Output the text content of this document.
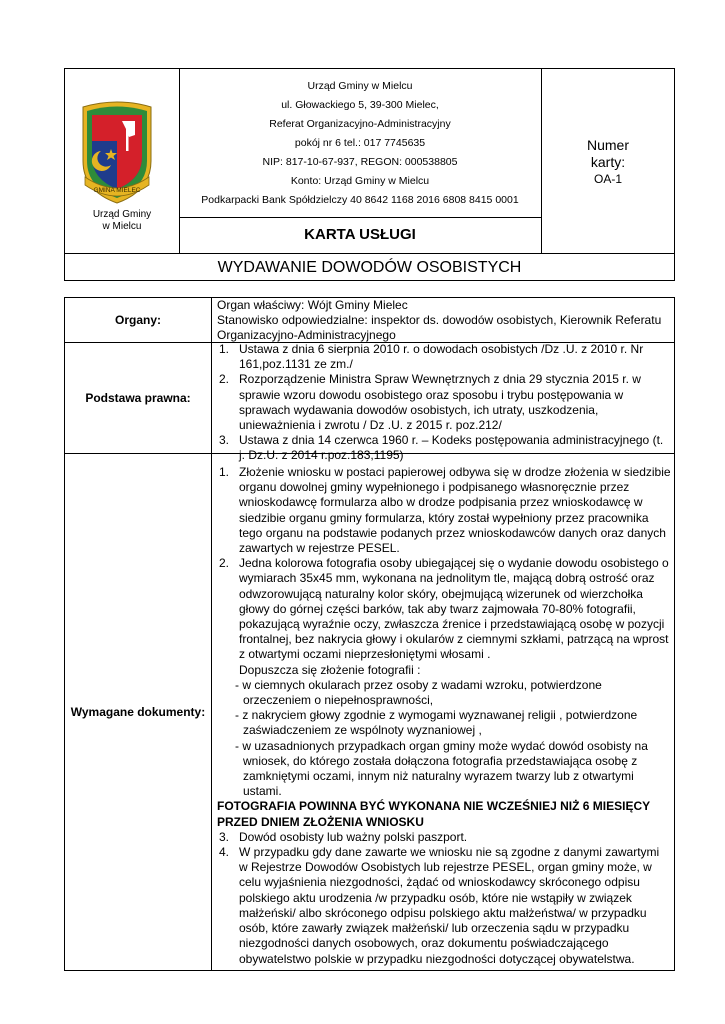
GMINA MIELEC
Urząd Gminy
w Mielcu
Urząd Gminy w Mielcu
ul. Głowackiego 5, 39-300 Mielec,
Referat Organizacyjno-Administracyjny
pokój nr 6 tel.: 017 7745635
NIP: 817-10-67-937, REGON: 000538805
Konto: Urząd Gminy w Mielcu
Podkarpacki Bank Spółdzielczy 40 8642 1168 2016 6808 8415 0001
KARTA USŁUGI
Numer
karty:
OA-1
WYDAWANIE DOWODÓW OSOBISTYCH
Organy:
Organ właściwy: Wójt Gminy Mielec
Stanowisko odpowiedzialne: inspektor ds. dowodów osobistych, Kierownik Referatu Organizacyjno-Administracyjnego
Podstawa prawna:
1. Ustawa z dnia 6 sierpnia 2010 r. o dowodach osobistych /Dz .U. z 2010 r. Nr 161,poz.1131 ze zm./
2. Rozporządzenie Ministra Spraw Wewnętrznych z dnia 29 stycznia 2015 r. w sprawie wzoru dowodu osobistego oraz sposobu i trybu postępowania w sprawach wydawania dowodów osobistych, ich utraty, uszkodzenia, unieważnienia i zwrotu / Dz .U. z 2015 r. poz.212/
3. Ustawa z dnia 14 czerwca 1960 r. – Kodeks postępowania administracyjnego (t. j. Dz.U. z 2014 r.poz.183,1195)
Wymagane dokumenty:
1. Złożenie wniosku w postaci papierowej odbywa się w drodze złożenia w siedzibie organu dowolnej gminy wypełnionego i podpisanego własnoręcznie przez wnioskodawcę formularza albo w drodze podpisania przez wnioskodawcę w siedzibie organu gminy formularza, który został wypełniony przez pracownika tego organu na podstawie podanych przez wnioskodawców danych oraz danych zawartych w rejestrze PESEL.
2. Jedna kolorowa fotografia osoby ubiegającej się o wydanie dowodu osobistego o wymiarach 35x45 mm, wykonana na jednolitym tle, mającą dobrą ostrość oraz odwzorowującą naturalny kolor skóry, obejmującą wizerunek od wierzchołka głowy do górnej części barków, tak aby twarz zajmowała 70-80% fotografii, pokazującą wyraźnie oczy, zwłaszcza źrenice i przedstawiającą osobę w pozycji frontalnej, bez nakrycia głowy i okularów z ciemnymi szkłami, patrzącą na wprost z otwartymi oczami nieprzesłoniętymi włosami .
Dopuszcza się złożenie fotografii :
- w ciemnych okularach przez osoby z wadami wzroku, potwierdzone orzeczeniem o niepełnosprawności,
- z nakryciem głowy zgodnie z wymogami wyznawanej religii , potwierdzone zaświadczeniem ze wspólnoty wyznaniowej ,
- w uzasadnionych przypadkach organ gminy może wydać dowód osobisty na wniosek, do którego została dołączona fotografia przedstawiająca osobę z zamkniętymi oczami, innym niż naturalny wyrazem twarzy lub z otwartymi ustami.
FOTOGRAFIA POWINNA BYĆ WYKONANA NIE WCZEŚNIEJ NIŻ 6 MIESIĘCY PRZED DNIEM ZŁOŻENIA WNIOSKU
3. Dowód osobisty lub ważny polski paszport.
4. W przypadku gdy dane zawarte we wniosku nie są zgodne z danymi zawartymi w Rejestrze Dowodów Osobistych lub rejestrze PESEL, organ gminy może, w celu wyjaśnienia niezgodności, żądać od wnioskodawcy skróconego odpisu polskiego aktu urodzenia /w przypadku osób, które nie wstąpiły w związek małżeński/ albo skróconego odpisu polskiego aktu małżeństwa/ w przypadku osób, które zawarły związek małżeński/ lub orzeczenia sądu w przypadku niezgodności danych osobowych, oraz dokumentu poświadczającego obywatelstwo polskie w przypadku niezgodności dotyczącej obywatelstwa.
